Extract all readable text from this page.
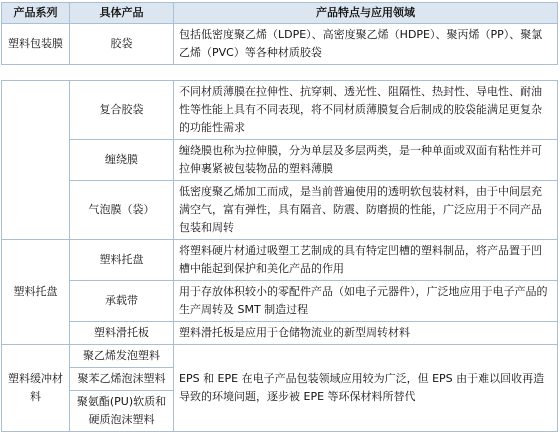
产品系列	具体产品	产品特点与应用领域
塑料包装膜	胶袋	包括低密度聚乙烯（LDPE）、高密度聚乙烯（HDPE）、聚丙烯（PP）、聚氯乙烯（PVC）等各种材质胶袋
	复合胶袋	不同材质薄膜在拉伸性、抗穿刺、透光性、阻隔性、热封性、导电性、耐油性等性能上具有不同表现，将不同材质薄膜复合后制成的胶袋能满足更复杂的功能性需求
	缠绕膜	缠绕膜也称为拉伸膜，分为单层及多层两类，是一种单面或双面有粘性并可拉伸裹紧被包装物品的塑料薄膜
	气泡膜（袋）	低密度聚乙烯加工而成，是当前普遍使用的透明软包装材料，由于中间层充满空气，富有弹性，具有隔音、防震、防磨损的性能，广泛应用于不同产品包装和周转
塑料托盘	塑料托盘	将塑料硬片材通过吸塑工艺制成的具有特定凹槽的塑料制品，将产品置于凹槽中能起到保护和美化产品的作用
	承载带	用于存放体积较小的零配件产品（如电子元器件），广泛地应用于电子产品的生产周转及 SMT 制造过程
	塑料滑托板	塑料滑托板是应用于仓储物流业的新型周转材料
塑料缓冲材料	聚乙烯发泡塑料	EPS 和 EPE 在电子产品包装领域应用较为广泛，但 EPS 由于难以回收再造导致的环境问题，逐步被 EPE 等环保材料所替代
	聚苯乙烯泡沫塑料	
	聚氨酯(PU)软质和硬质泡沫塑料	
